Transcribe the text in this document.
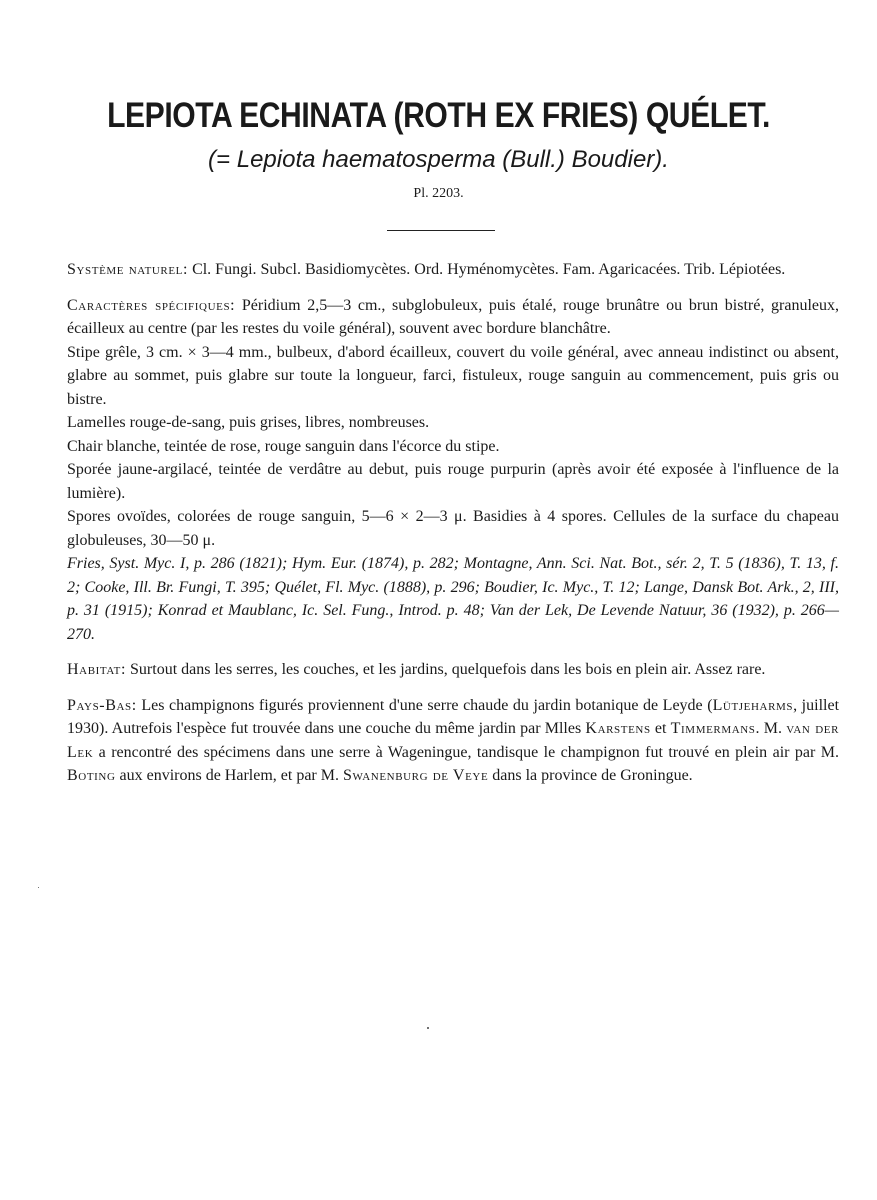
LEPIOTA ECHINATA (ROTH EX FRIES) QUÉLET.
(= Lepiota haematosperma (Bull.) Boudier).
Pl. 2203.

Système naturel: Cl. Fungi. Subcl. Basidiomycètes. Ord. Hyménomycètes. Fam. Agaricacées. Trib. Lépiotées.

Caractères spécifiques: Péridium 2,5—3 cm., subglobuleux, puis étalé, rouge brunâtre ou brun bistré, granuleux, écailleux au centre (par les restes du voile général), souvent avec bordure blanchâtre.

Stipe grêle, 3 cm. × 3—4 mm., bulbeux, d'abord écailleux, couvert du voile général, avec anneau indistinct ou absent, glabre au sommet, puis glabre sur toute la longueur, farci, fistuleux, rouge sanguin au commencement, puis gris ou bistre.

Lamelles rouge-de-sang, puis grises, libres, nombreuses.

Chair blanche, teintée de rose, rouge sanguin dans l'écorce du stipe.

Sporée jaune-argilacé, teintée de verdâtre au debut, puis rouge purpurin (après avoir été exposée à l'influence de la lumière).

Spores ovoïdes, colorées de rouge sanguin, 5—6 × 2—3 μ. Basidies à 4 spores. Cellules de la surface du chapeau globuleuses, 30—50 μ.

Fries, Syst. Myc. I, p. 286 (1821); Hym. Eur. (1874), p. 282; Montagne, Ann. Sci. Nat. Bot., sér. 2, T. 5 (1836), T. 13, f. 2; Cooke, Ill. Br. Fungi, T. 395; Quélet, Fl. Myc. (1888), p. 296; Boudier, Ic. Myc., T. 12; Lange, Dansk Bot. Ark., 2, III, p. 31 (1915); Konrad et Maublanc, Ic. Sel. Fung., Introd. p. 48; Van der Lek, De Levende Natuur, 36 (1932), p. 266—270.

Habitat: Surtout dans les serres, les couches, et les jardins, quelquefois dans les bois en plein air. Assez rare.

Pays-Bas: Les champignons figurés proviennent d'une serre chaude du jardin botanique de Leyde (Lütjeharms, juillet 1930). Autrefois l'espèce fut trouvée dans une couche du même jardin par Mlles Karstens et Timmermans. M. van der Lek a rencontré des spécimens dans une serre à Wageningue, tandisque le champignon fut trouvé en plein air par M. Boting aux environs de Harlem, et par M. Swanenburg de Veye dans la province de Groningue.
